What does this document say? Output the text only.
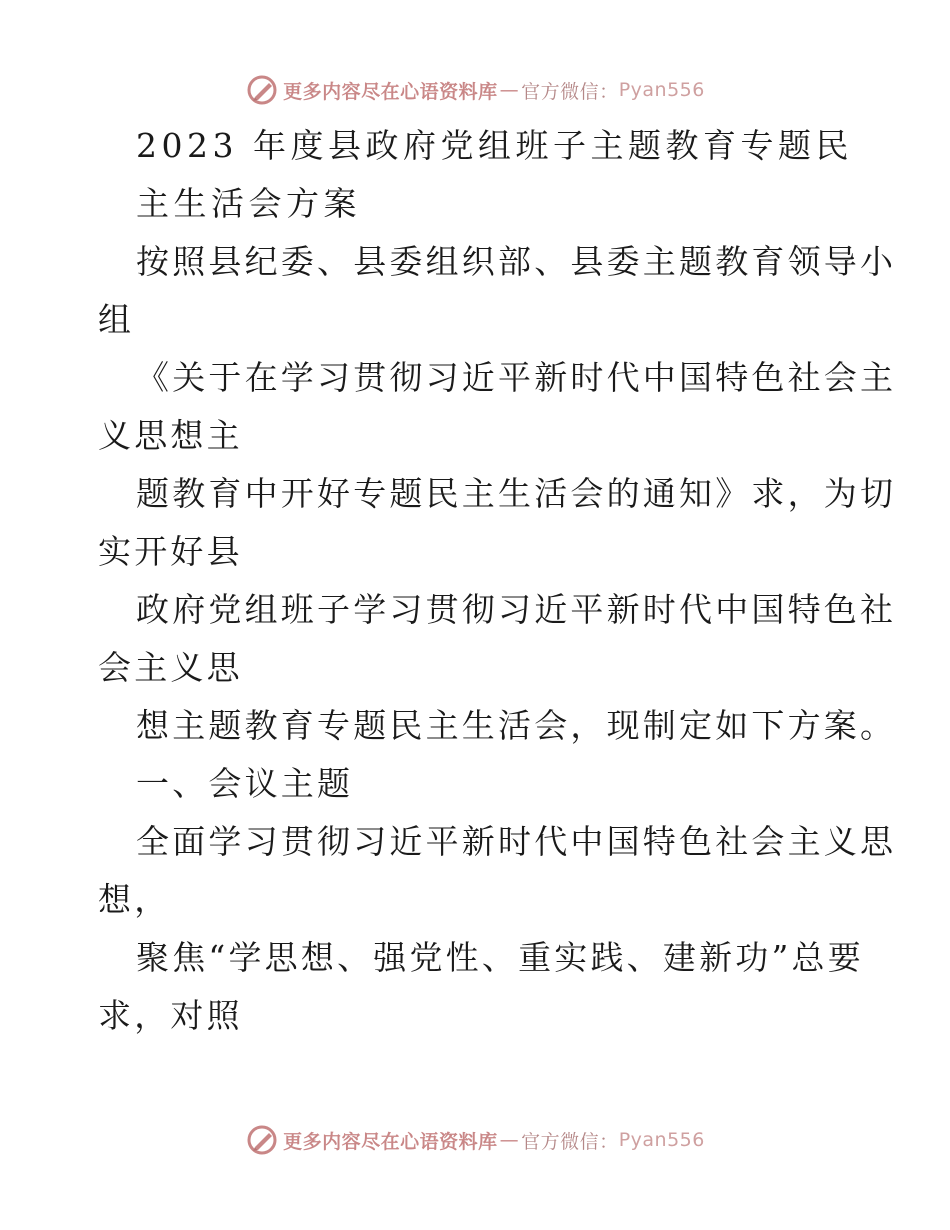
更多内容尽在心语资料库 — 官方微信： Pyan556
2023 年度县政府党组班子主题教育专题民
主生活会方案
按照县纪委、县委组织部、县委主题教育领导小
组
《关于在学习贯彻习近平新时代中国特色社会主
义思想主
题教育中开好专题民主生活会的通知》求，为切
实开好县
政府党组班子学习贯彻习近平新时代中国特色社
会主义思
想主题教育专题民主生活会，现制定如下方案。
一、会议主题
全面学习贯彻习近平新时代中国特色社会主义思
想，
聚焦“学思想、强党性、重实践、建新功”总要
求，对照
更多内容尽在心语资料库 — 官方微信： Pyan556
